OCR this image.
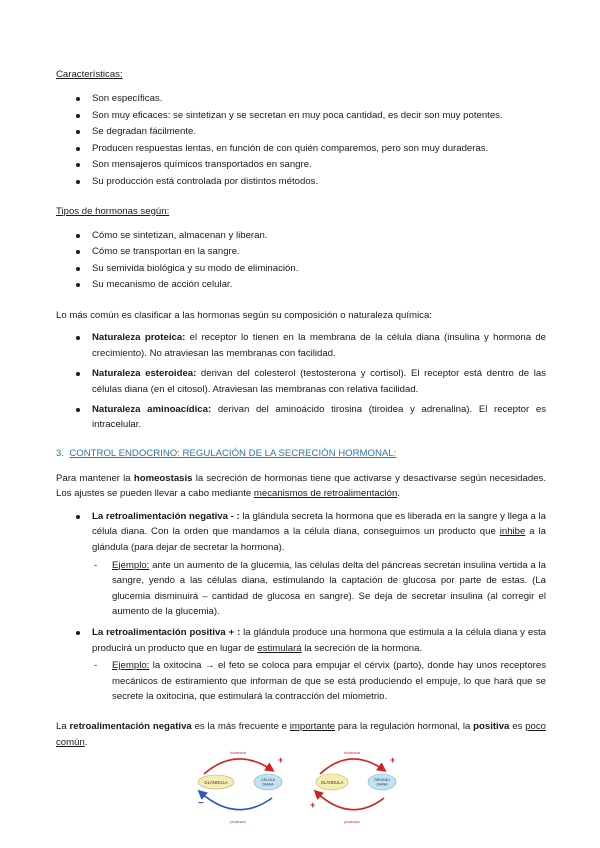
Características:
Son específicas.
Son muy eficaces: se sintetizan y se secretan en muy poca cantidad, es decir son muy potentes.
Se degradan fácilmente.
Producen respuestas lentas, en función de con quién comparemos, pero son muy duraderas.
Son mensajeros químicos transportados en sangre.
Su producción está controlada por distintos métodos.
Tipos de hormonas según:
Cómo se sintetizan, almacenan y liberan.
Cómo se transportan en la sangre.
Su semivida biológica y su modo de eliminación.
Su mecanismo de acción celular.

Lo más común es clasificar a las hormonas según su composición o naturaleza química:

Naturaleza proteica: el receptor lo tienen en la membrana de la célula diana (insulina y hormona de crecimiento). No atraviesan las membranas con facilidad.
Naturaleza esteroidea: derivan del colesterol (testosterona y cortisol). El receptor está dentro de las células diana (en el citosol). Atraviesan las membranas con relativa facilidad.
Naturaleza aminoacídica: derivan del aminoácido tirosina (tiroidea y adrenalina). El receptor es intracelular.
3. CONTROL ENDOCRINO: REGULACIÓN DE LA SECRECIÓN HORMONAL:

Para mantener la homeostasis la secreción de hormonas tiene que activarse y desactivarse según necesidades. Los ajustes se pueden llevar a cabo mediante mecanismos de retroalimentación.

La retroalimentación negativa - : la glándula secreta la hormona que es liberada en la sangre y llega a la célula diana. Con la orden que mandamos a la célula diana, conseguimos un producto que inhibe a la glándula (para dejar de secretar la hormona).
- Ejemplo: ante un aumento de la glucemia, las células delta del páncreas secretan insulina vertida a la sangre, yendo a las células diana, estimulando la captación de glucosa por parte de estas. (La glucemia disminuirá – cantidad de glucosa en sangre). Se deja de secretar insulina (al corregir el aumento de la glucemia).
La retroalimentación positiva + : la glándula produce una hormona que estimula a la célula diana y esta producirá un producto que en lugar de estimulará la secreción de la hormona.
- Ejemplo: la oxitocina → el feto se coloca para empujar el cérvix (parto), donde hay unos receptores mecánicos de estiramiento que informan de que se está produciendo el empuje, lo que hará que se secrete la oxitocina, que estimulará la contracción del miometrio.

La retroalimentación negativa es la más frecuente e importante para la regulación hormonal, la positiva es poco común.

GLÁNDULA	CÉLULA
DIANA
hormona
producto
+
−
GLÁNDULA	ÓRGANO
DIANA
hormona
producto
+
+
